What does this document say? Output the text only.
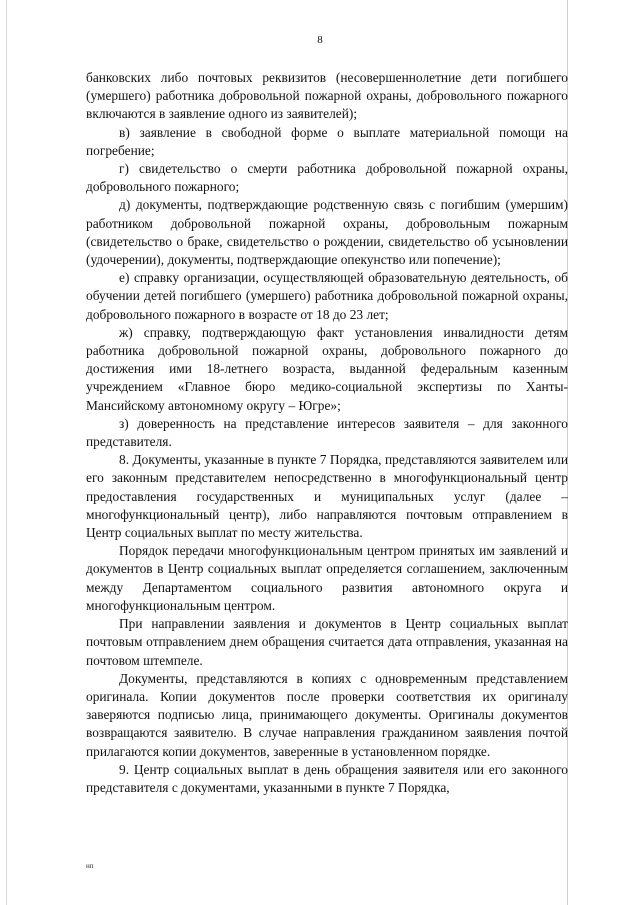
8

банковских либо почтовых реквизитов (несовершеннолетние дети погибшего (умершего) работника добровольной пожарной охраны, добровольного пожарного включаются в заявление одного из заявителей);

в) заявление в свободной форме о выплате материальной помощи на погребение;

г) свидетельство о смерти работника добровольной пожарной охраны, добровольного пожарного;

д) документы, подтверждающие родственную связь с погибшим (умершим) работником добровольной пожарной охраны, добровольным пожарным (свидетельство о браке, свидетельство о рождении, свидетельство об усыновлении (удочерении), документы, подтверждающие опекунство или попечение);

е) справку организации, осуществляющей образовательную деятельность, об обучении детей погибшего (умершего) работника добровольной пожарной охраны, добровольного пожарного в возрасте от 18 до 23 лет;

ж) справку, подтверждающую факт установления инвалидности детям работника добровольной пожарной охраны, добровольного пожарного до достижения ими 18-летнего возраста, выданной федеральным казенным учреждением «Главное бюро медико-социальной экспертизы по Ханты-Мансийскому автономному округу – Югре»;

з) доверенность на представление интересов заявителя – для законного представителя.

8. Документы, указанные в пункте 7 Порядка, представляются заявителем или его законным представителем непосредственно в многофункциональный центр предоставления государственных и муниципальных услуг (далее – многофункциональный центр), либо направляются почтовым отправлением в Центр социальных выплат по месту жительства.

Порядок передачи многофункциональным центром принятых им заявлений и документов в Центр социальных выплат определяется соглашением, заключенным между Департаментом социального развития автономного округа и многофункциональным центром.

При направлении заявления и документов в Центр социальных выплат почтовым отправлением днем обращения считается дата отправления, указанная на почтовом штемпеле.

Документы, представляются в копиях с одновременным представлением оригинала. Копии документов после проверки соответствия их оригиналу заверяются подписью лица, принимающего документы. Оригиналы документов возвращаются заявителю. В случае направления гражданином заявления почтой прилагаются копии документов, заверенные в установленном порядке.

9. Центр социальных выплат в день обращения заявителя или его законного представителя с документами, указанными в пункте 7 Порядка,

нп
